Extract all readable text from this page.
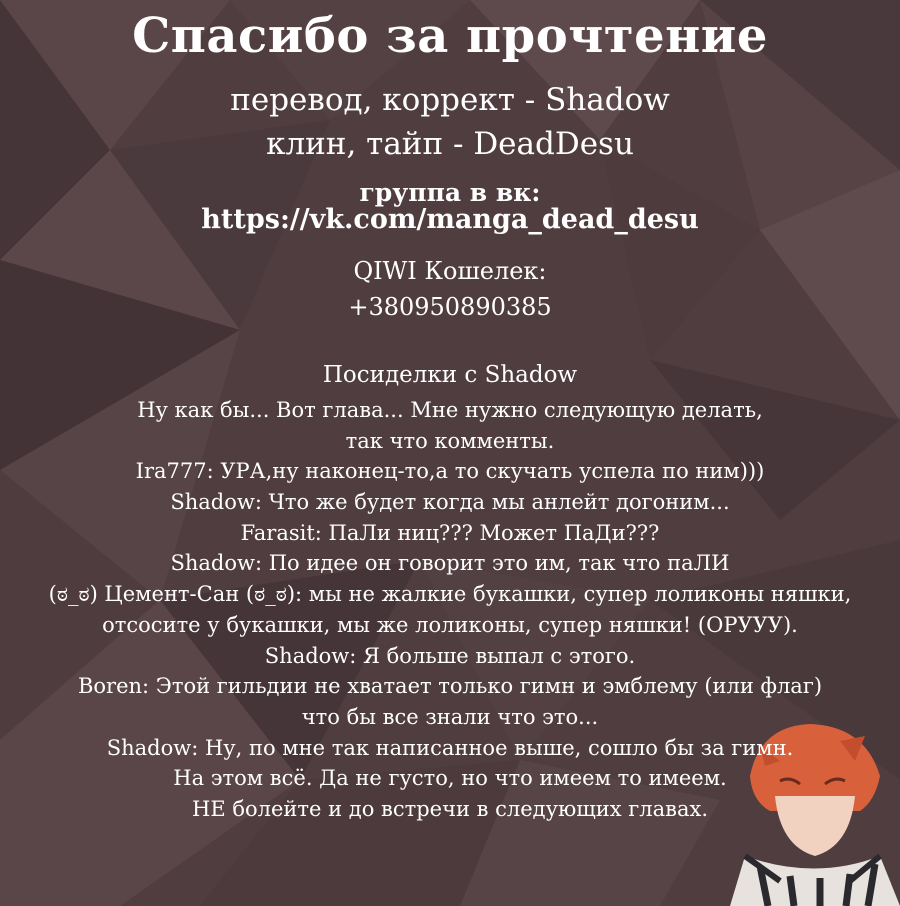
Спасибо за прочтение
перевод, коррект - Shadow
клин, тайп - DeadDesu
группа в вк:
https://vk.com/manga_dead_desu
QIWI Кошелек:
+380950890385
Посиделки с Shadow
Ну как бы... Вот глава... Мне нужно следующую делать,
так что комменты.
Ira777: УРА,ну наконец-то,а то скучать успела по ним)))
Shadow: Что же будет когда мы анлейт догоним...
Farasit: ПаЛи ниц??? Может ПаДи???
Shadow: По идее он говорит это им, так что паЛИ
(ಠ_ಠ) Цемент-Сан (ಠ_ಠ): мы не жалкие букашки, супер лоликоны няшки,
отсосите у букашки, мы же лоликоны, супер няшки! (ОРУУУ).
Shadow: Я больше выпал с этого.
Boren: Этой гильдии не хватает только гимн и эмблему (или флаг)
что бы все знали что это...
Shadow: Ну, по мне так написанное выше, сошло бы за гимн.
На этом всё. Да не густо, но что имеем то имеем.
НЕ болейте и до встречи в следующих главах.
